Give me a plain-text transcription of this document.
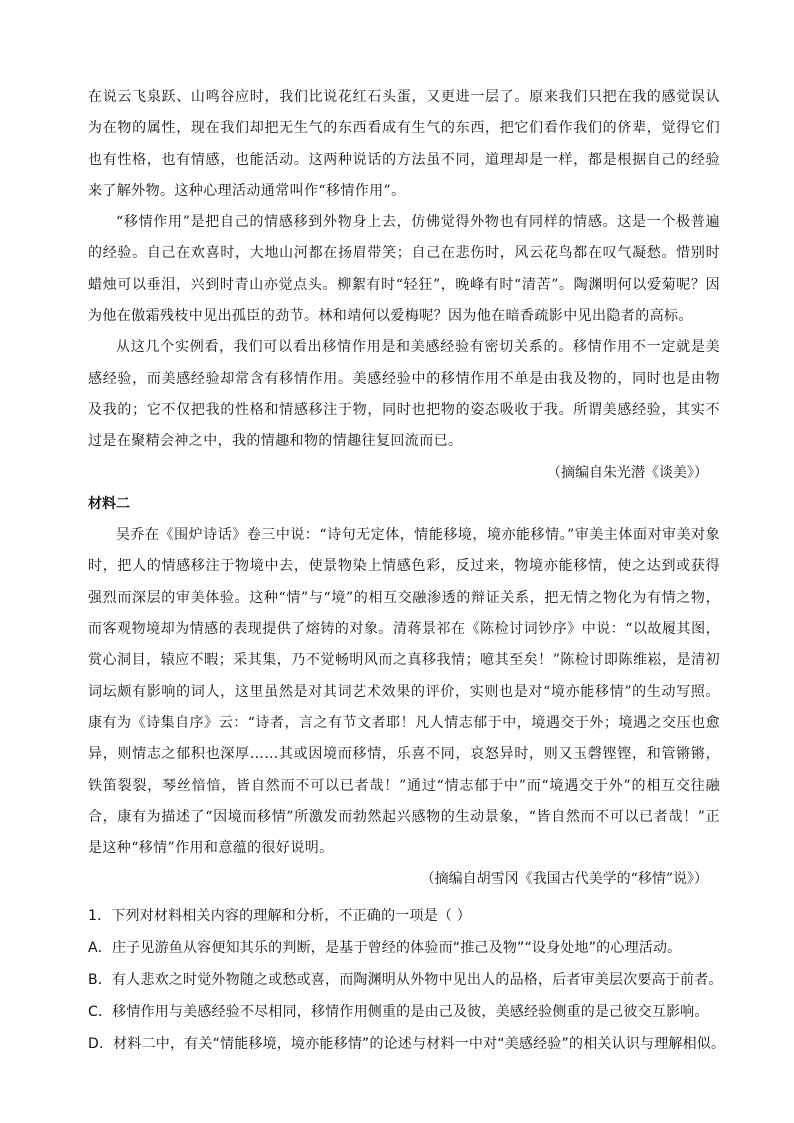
在说云飞泉跃、山鸣谷应时，我们比说花红石头蛋，又更进一层了。原来我们只把在我的感觉误认为在物的属性，现在我们却把无生气的东西看成有生气的东西，把它们看作我们的侪辈，觉得它们也有性格，也有情感，也能活动。这两种说话的方法虽不同，道理却是一样，都是根据自己的经验来了解外物。这种心理活动通常叫作“移情作用”。

“移情作用”是把自己的情感移到外物身上去，仿佛觉得外物也有同样的情感。这是一个极普遍的经验。自己在欢喜时，大地山河都在扬眉带笑；自己在悲伤时，风云花鸟都在叹气凝愁。惜别时蜡烛可以垂泪，兴到时青山亦觉点头。柳絮有时“轻狂”，晚峰有时“清苦”。陶渊明何以爱菊呢？因为他在傲霜残枝中见出孤臣的劲节。林和靖何以爱梅呢？因为他在暗香疏影中见出隐者的高标。

从这几个实例看，我们可以看出移情作用是和美感经验有密切关系的。移情作用不一定就是美感经验，而美感经验却常含有移情作用。美感经验中的移情作用不单是由我及物的，同时也是由物及我的；它不仅把我的性格和情感移注于物，同时也把物的姿态吸收于我。所谓美感经验，其实不过是在聚精会神之中，我的情趣和物的情趣往复回流而已。

（摘编自朱光潜《谈美》）

材料二

吴乔在《围炉诗话》卷三中说：“诗句无定体，情能移境，境亦能移情。”审美主体面对审美对象时，把人的情感移注于物境中去，使景物染上情感色彩，反过来，物境亦能移情，使之达到或获得强烈而深层的审美体验。这种“情”与“境”的相互交融渗透的辩证关系，把无情之物化为有情之物，而客观物境却为情感的表现提供了熔铸的对象。清蒋景祁在《陈检讨词钞序》中说：“以故履其图，赏心洞目，辕应不暇；采其集，乃不觉畅明风而之真移我情；噫其至矣！”陈检讨即陈维崧，是清初词坛颇有影响的词人，这里虽然是对其词艺术效果的评价，实则也是对“境亦能移情”的生动写照。康有为《诗集自序》云：“诗者，言之有节文者耶！凡人情志郁于中，境遇交于外；境遇之交压也愈异，则情志之郁积也深厚……其或因境而移情，乐喜不同，哀怒异时，则又玉磬铿铿，和管锵锵，铁笛裂裂，琴丝愔愔，皆自然而不可以已者哉！”通过“情志郁于中”而“境遇交于外”的相互交往融合，康有为描述了“因境而移情”所激发而勃然起兴感物的生动景象，“皆自然而不可以已者哉！”正是这种“移情”作用和意蕴的很好说明。

（摘编自胡雪冈《我国古代美学的“移情”说》）

1．下列对材料相关内容的理解和分析，不正确的一项是（ ）

A．庄子见游鱼从容便知其乐的判断，是基于曾经的体验而“推己及物”“设身处地”的心理活动。

B．有人悲欢之时觉外物随之或愁或喜，而陶渊明从外物中见出人的品格，后者审美层次要高于前者。

C．移情作用与美感经验不尽相同，移情作用侧重的是由己及彼，美感经验侧重的是己彼交互影响。

D．材料二中，有关“情能移境，境亦能移情”的论述与材料一中对“美感经验”的相关认识与理解相似。
